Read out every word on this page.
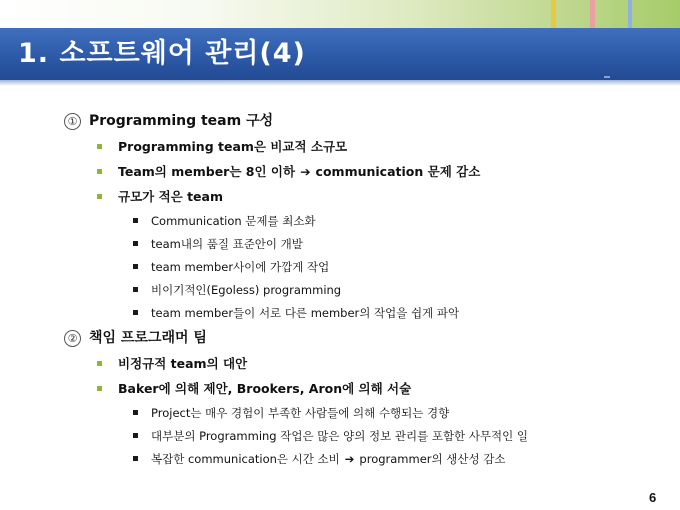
1. 소프트웨어 관리(4)
① Programming team 구성
Programming team은 비교적 소규모
Team의 member는 8인 이하 ➔ communication 문제 감소
규모가 적은 team
Communication 문제를 최소화
team내의 품질 표준안이 개발
team member사이에 가깝게 작업
비이기적인(Egoless) programming
team member들이 서로 다른 member의 작업을 쉽게 파악
② 책임 프로그래머 팀
비정규적 team의 대안
Baker에 의해 제안, Brookers, Aron에 의해 서술
Project는 매우 경험이 부족한 사람들에 의해 수행되는 경향
대부분의 Programming 작업은 많은 양의 정보 관리를 포함한 사무적인 일
복잡한 communication은 시간 소비 ➔ programmer의 생산성 감소
6
